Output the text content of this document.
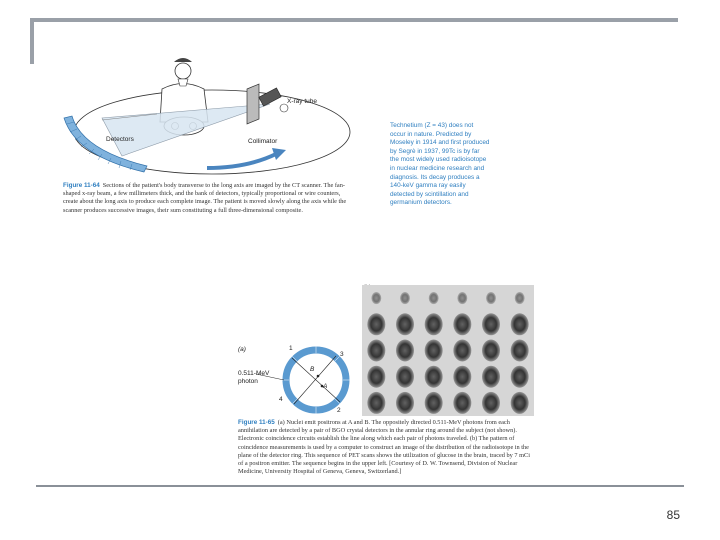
X-ray tube
Collimator
Detectors
Figure 11-64 Sections of the patient's body transverse to the long axis are imaged by the CT scanner. The fan-shaped x-ray beam, a few millimeters thick, and the bank of detectors, typically proportional or wire counters, create about the long axis to produce each complete image. The patient is moved slowly along the axis while the scanner produces successive images, their sum constituting a full three-dimensional composite.
Technetium (Z = 43) does not occur in nature. Predicted by Moseley in 1914 and first produced by Segrè in 1937, 99Tc is by far the most widely used radioisotope in nuclear medicine research and diagnosis. Its decay produces a 140-keV gamma ray easily detected by scintillation and germanium detectors.
(a)
0.511-MeV photon
B
A
1
3
4
2
Figure 11-65 (a) Nuclei emit positrons at A and B. The oppositely directed 0.511-MeV photons from each annihilation are detected by a pair of BGO crystal detectors in the annular ring around the subject (not shown). Electronic coincidence circuits establish the line along which each pair of photons traveled. (b) The pattern of coincidence measurements is used by a computer to construct an image of the distribution of the radioisotope in the plane of the detector ring. This sequence of PET scans shows the utilization of glucose in the brain, traced by 7 mCi of a positron emitter. The sequence begins in the upper left. [Courtesy of D. W. Townsend, Division of Nuclear Medicine, University Hospital of Geneva, Geneva, Switzerland.]
85
